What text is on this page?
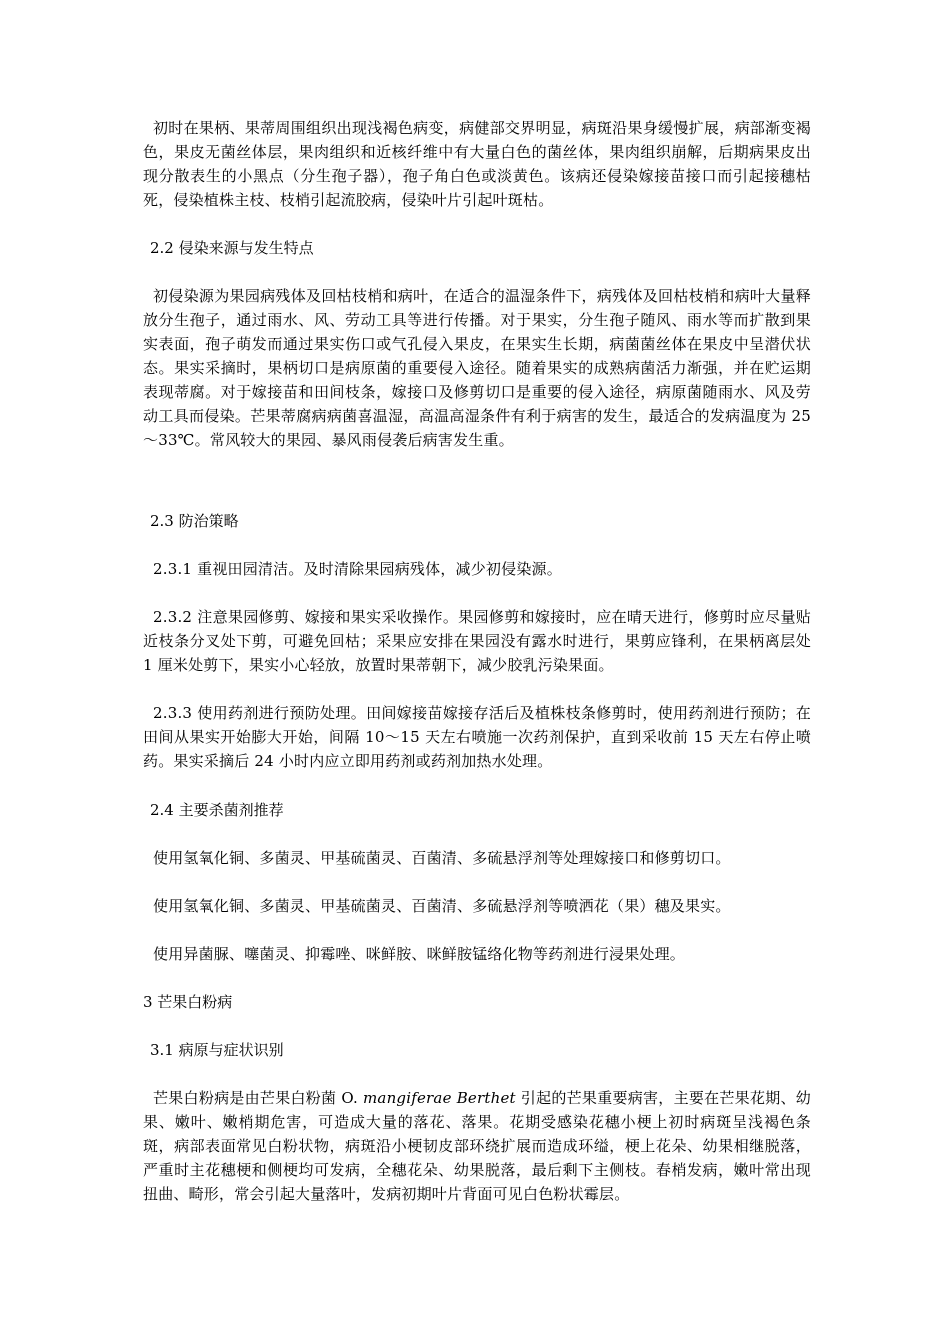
初时在果柄、果蒂周围组织出现浅褐色病变，病健部交界明显，病斑沿果身缓慢扩展，病部渐变褐色，果皮无菌丝体层，果肉组织和近核纤维中有大量白色的菌丝体，果肉组织崩解，后期病果皮出现分散表生的小黑点（分生孢子器），孢子角白色或淡黄色。该病还侵染嫁接苗接口而引起接穗枯死，侵染植株主枝、枝梢引起流胶病，侵染叶片引起叶斑枯。

2.2 侵染来源与发生特点

初侵染源为果园病残体及回枯枝梢和病叶，在适合的温湿条件下，病残体及回枯枝梢和病叶大量释放分生孢子，通过雨水、风、劳动工具等进行传播。对于果实，分生孢子随风、雨水等而扩散到果实表面，孢子萌发而通过果实伤口或气孔侵入果皮，在果实生长期，病菌菌丝体在果皮中呈潜伏状态。果实采摘时，果柄切口是病原菌的重要侵入途径。随着果实的成熟病菌活力渐强，并在贮运期表现蒂腐。对于嫁接苗和田间枝条，嫁接口及修剪切口是重要的侵入途径，病原菌随雨水、风及劳动工具而侵染。芒果蒂腐病病菌喜温湿，高温高湿条件有利于病害的发生，最适合的发病温度为 25～33℃。常风较大的果园、暴风雨侵袭后病害发生重。

2.3 防治策略

2.3.1 重视田园清洁。及时清除果园病残体，减少初侵染源。

2.3.2 注意果园修剪、嫁接和果实采收操作。果园修剪和嫁接时，应在晴天进行，修剪时应尽量贴近枝条分叉处下剪，可避免回枯；采果应安排在果园没有露水时进行，果剪应锋利，在果柄离层处 1 厘米处剪下，果实小心轻放，放置时果蒂朝下，减少胶乳污染果面。

2.3.3 使用药剂进行预防处理。田间嫁接苗嫁接存活后及植株枝条修剪时，使用药剂进行预防；在田间从果实开始膨大开始，间隔 10～15 天左右喷施一次药剂保护，直到采收前 15 天左右停止喷药。果实采摘后 24 小时内应立即用药剂或药剂加热水处理。

2.4 主要杀菌剂推荐

使用氢氧化铜、多菌灵、甲基硫菌灵、百菌清、多硫悬浮剂等处理嫁接口和修剪切口。

使用氢氧化铜、多菌灵、甲基硫菌灵、百菌清、多硫悬浮剂等喷洒花（果）穗及果实。

使用异菌脲、噻菌灵、抑霉唑、咪鲜胺、咪鲜胺锰络化物等药剂进行浸果处理。

3 芒果白粉病

3.1 病原与症状识别

芒果白粉病是由芒果白粉菌 O. mangiferae Berthet 引起的芒果重要病害，主要在芒果花期、幼果、嫩叶、嫩梢期危害，可造成大量的落花、落果。花期受感染花穗小梗上初时病斑呈浅褐色条斑，病部表面常见白粉状物，病斑沿小梗韧皮部环绕扩展而造成环缢，梗上花朵、幼果相继脱落，严重时主花穗梗和侧梗均可发病，全穗花朵、幼果脱落，最后剩下主侧枝。春梢发病，嫩叶常出现扭曲、畸形，常会引起大量落叶，发病初期叶片背面可见白色粉状霉层。
